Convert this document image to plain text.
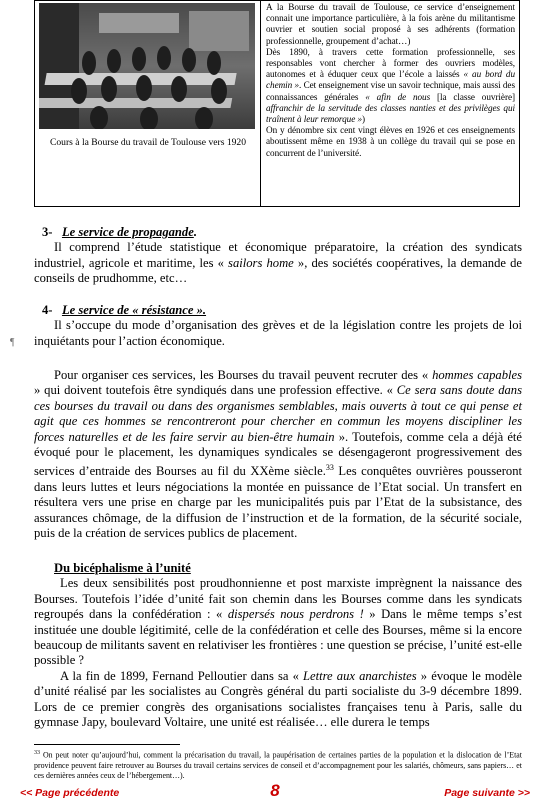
Cours à la Bourse du travail de Toulouse vers 1920

A la Bourse du travail de Toulouse, ce service d’enseignement connait une importance particulière, à la fois arène du militantisme ouvrier et soutien social proposé à ses adhérents (formation professionnelle, groupement d’achat…)

Dès 1890, à travers cette formation professionnelle, ses responsables vont chercher à former des ouvriers modèles, autonomes et à éduquer ceux que l’école a laissés « au bord du chemin ». Cet enseignement vise un savoir technique, mais aussi des connaissances générales « afin de nous [la classe ouvrière] affranchir de la servitude des classes nanties et des privilèges qui traînent à leur remorque »)

On y dénombre six cent vingt élèves en 1926 et ces enseignements aboutissent même en 1938 à un collège du travail qui se pose en concurrent de l’université.

3- Le service de propagande.

Il comprend l’étude statistique et économique préparatoire, la création des syndicats industriel, agricole et maritime, les « sailors home », des sociétés coopératives, la demande de conseils de prudhomme, etc…

4- Le service de « résistance ».

Il s’occupe du mode d’organisation des grèves et de la législation contre les projets de loi inquiétants pour l’action économique.

¶

Pour organiser ces services, les Bourses du travail peuvent recruter des « hommes capables » qui doivent toutefois être syndiqués dans une profession effective. « Ce sera sans doute dans ces bourses du travail ou dans des organismes semblables, mais ouverts à tout ce qui pense et agit que ces hommes se rencontreront pour chercher en commun les moyens discipliner les forces naturelles et de les faire servir au bien-être humain ». Toutefois, comme cela a déjà été évoqué pour le placement, les dynamiques syndicales se désengageront progressivement des services d’entraide des Bourses au fil du XXème siècle.$^{33}$ Les conquêtes ouvrières pousseront dans leurs luttes et leurs négociations la montée en puissance de l’Etat social. Un transfert en résultera vers une prise en charge par les municipalités puis par l’Etat de la subsistance, des assurances chômage, de la diffusion de l’instruction et de la formation, de la sécurité sociale, puis de la création de services publics de placement.

Du bicéphalisme à l’unité

Les deux sensibilités post proudhonnienne et post marxiste imprègnent la naissance des Bourses. Toutefois l’idée d’unité fait son chemin dans les Bourses comme dans les syndicats regroupés dans la confédération : « dispersés nous perdrons ! » Dans le même temps s’est instituée une double légitimité, celle de la confédération et celle des Bourses, même si la encore beaucoup de militants savent en relativiser les frontières : une question se précise, l’unité est-elle possible ?

A la fin de 1899, Fernand Pelloutier dans sa « Lettre aux anarchistes » évoque le modèle d’unité réalisé par les socialistes au Congrès général du parti socialiste du 3-9 décembre 1899. Lors de ce premier congrès des organisations socialistes françaises tenu à Paris, salle du gymnase Japy, boulevard Voltaire, une unité est réalisée… elle durera le temps

$^{33}$ On peut noter qu’aujourd’hui, comment la précarisation du travail, la paupérisation de certaines parties de la population et la dislocation de l’Etat providence peuvent faire retrouver au Bourses du travail certains services de conseil et d’accompagnement pour les salariés, chômeurs, sans papiers… et ces dernières années ceux de l’hébergement…).
<< Page précédente	8	Page suivante >>
